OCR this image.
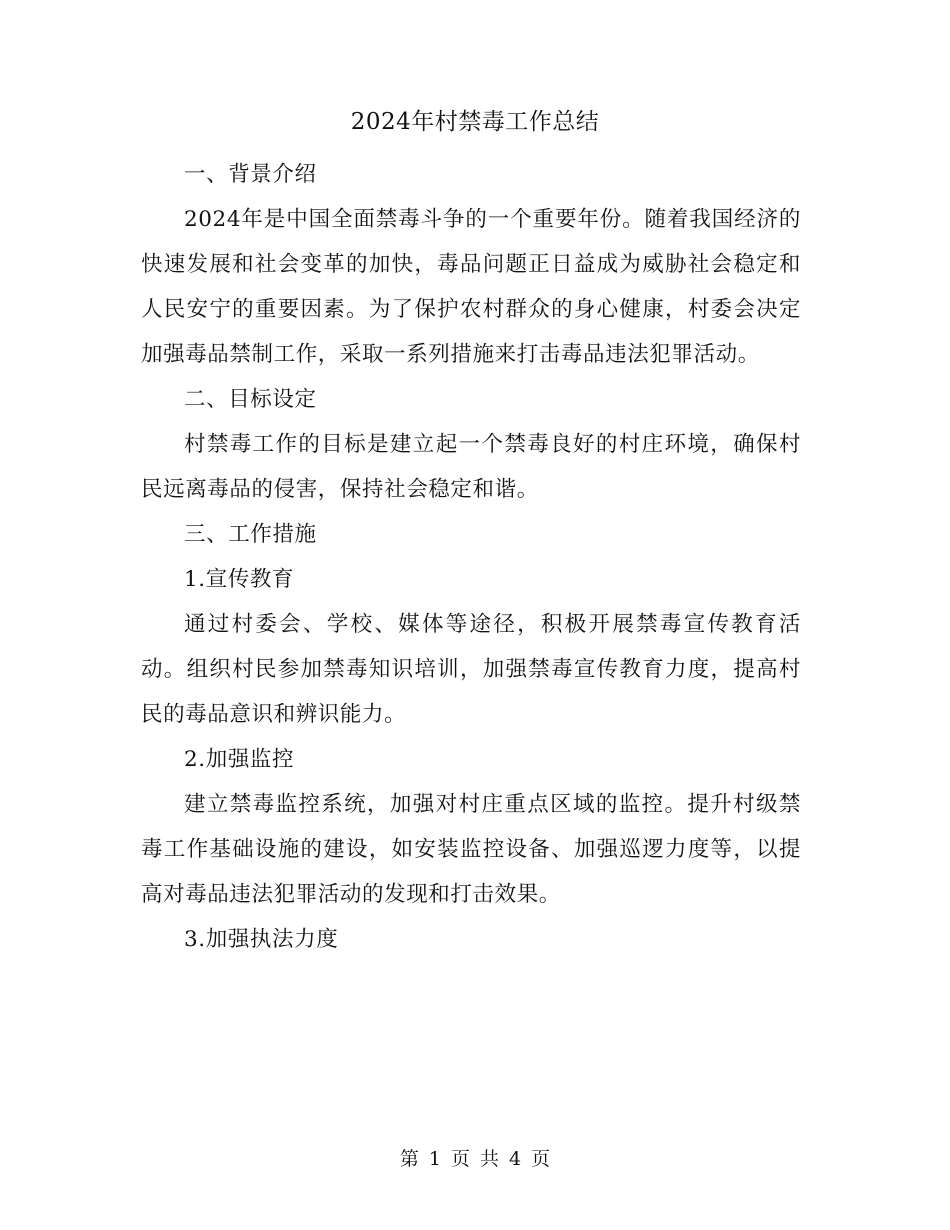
2024年村禁毒工作总结

一、背景介绍

2024年是中国全面禁毒斗争的一个重要年份。随着我国经济的快速发展和社会变革的加快，毒品问题正日益成为威胁社会稳定和人民安宁的重要因素。为了保护农村群众的身心健康，村委会决定加强毒品禁制工作，采取一系列措施来打击毒品违法犯罪活动。

二、目标设定

村禁毒工作的目标是建立起一个禁毒良好的村庄环境，确保村民远离毒品的侵害，保持社会稳定和谐。

三、工作措施

1.宣传教育

通过村委会、学校、媒体等途径，积极开展禁毒宣传教育活动。组织村民参加禁毒知识培训，加强禁毒宣传教育力度，提高村民的毒品意识和辨识能力。

2.加强监控

建立禁毒监控系统，加强对村庄重点区域的监控。提升村级禁毒工作基础设施的建设，如安装监控设备、加强巡逻力度等，以提高对毒品违法犯罪活动的发现和打击效果。

3.加强执法力度

第 1 页 共 4 页
